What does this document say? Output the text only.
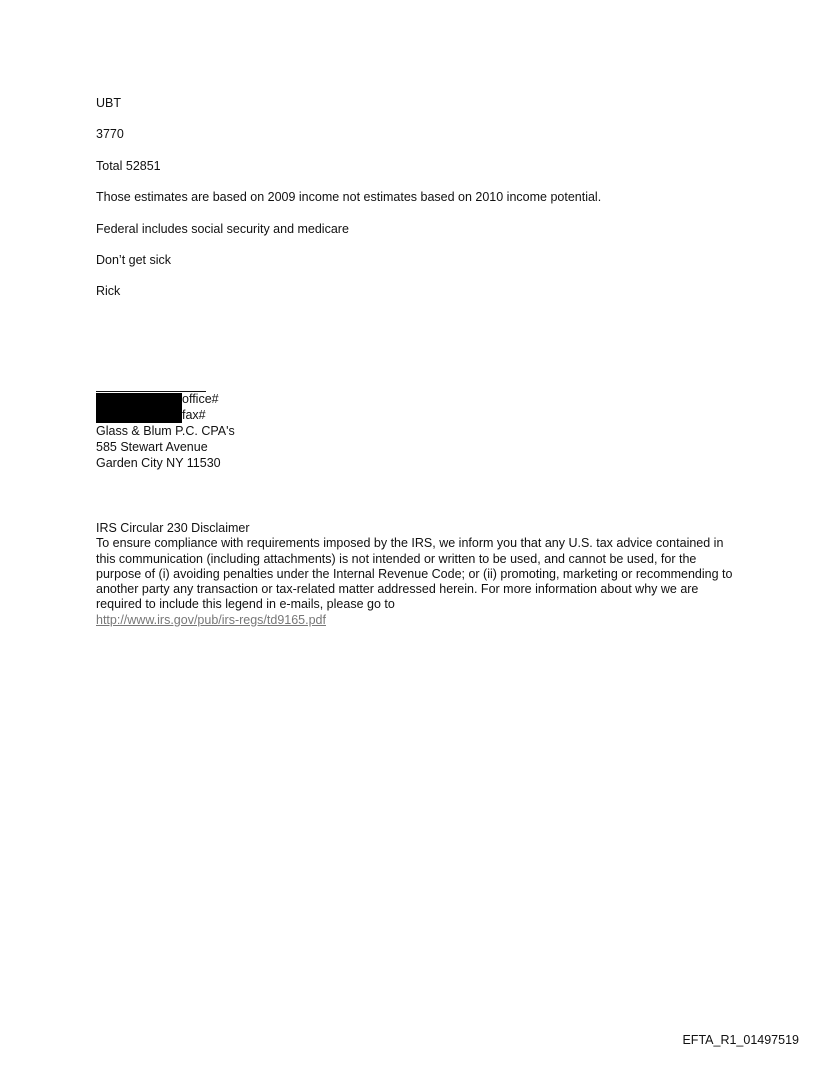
UBT
3770
Total 52851
Those estimates are based on 2009 income not estimates based on 2010 income potential.
Federal includes social security and medicare
Don’t get sick
Rick
office#
fax#
Glass & Blum P.C. CPA's
585 Stewart Avenue
Garden City NY 11530

IRS Circular 230 Disclaimer

To ensure compliance with requirements imposed by the IRS, we inform you that any U.S. tax advice contained in this communication (including attachments) is not intended or written to be used, and cannot be used, for the purpose of (i) avoiding penalties under the Internal Revenue Code; or (ii) promoting, marketing or recommending to another party any transaction or tax-related matter addressed herein. For more information about why we are required to include this legend in e-mails, please go to

http://www.irs.gov/pub/irs-regs/td9165.pdf

EFTA_R1_01497519
